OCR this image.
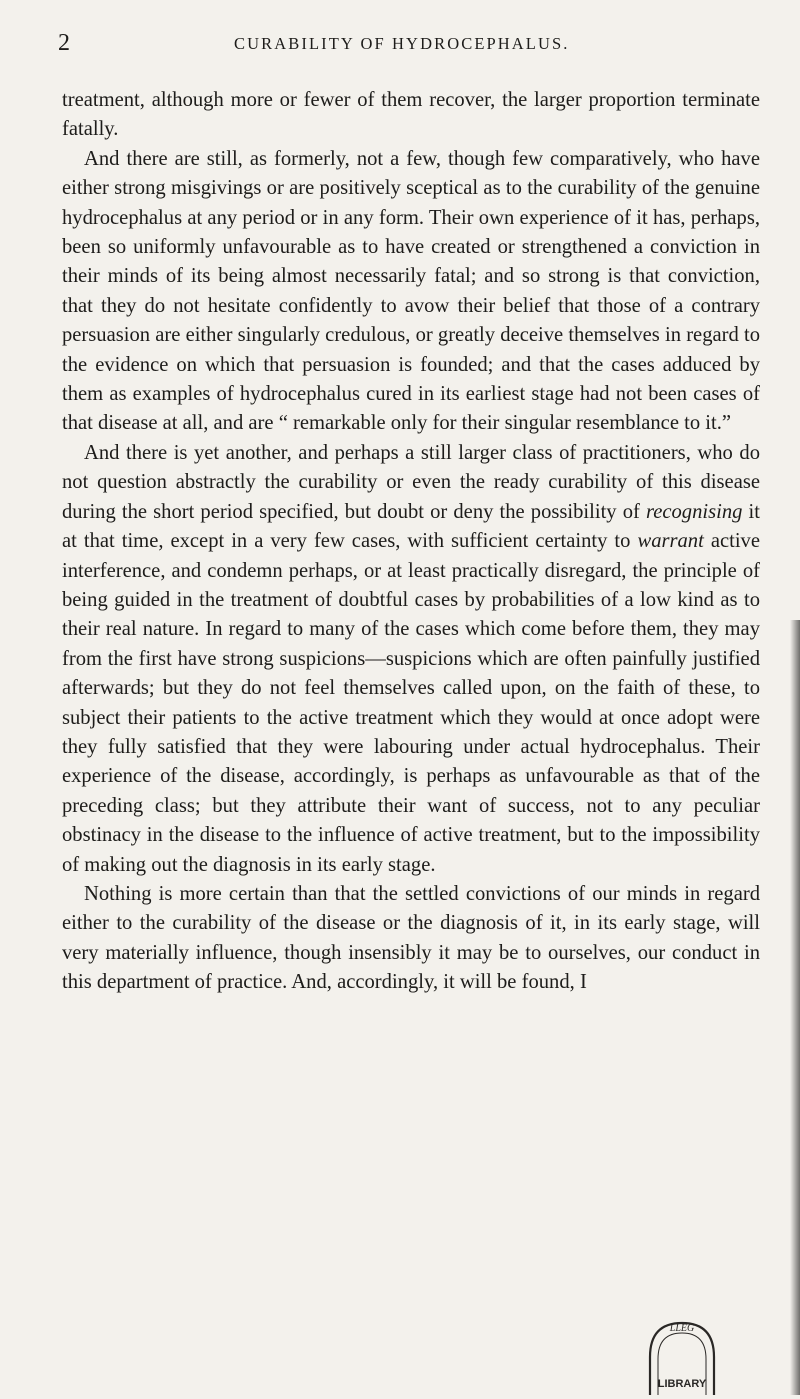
2	CURABILITY OF HYDROCEPHALUS.

treatment, although more or fewer of them recover, the larger proportion terminate fatally.

And there are still, as formerly, not a few, though few comparatively, who have either strong misgivings or are positively sceptical as to the curability of the genuine hydrocephalus at any period or in any form. Their own experience of it has, perhaps, been so uniformly unfavourable as to have created or strengthened a conviction in their minds of its being almost necessarily fatal; and so strong is that conviction, that they do not hesitate confidently to avow their belief that those of a contrary persuasion are either singularly credulous, or greatly deceive themselves in regard to the evidence on which that persuasion is founded; and that the cases adduced by them as examples of hydrocephalus cured in its earliest stage had not been cases of that disease at all, and are “ remarkable only for their singular resemblance to it.”

And there is yet another, and perhaps a still larger class of practitioners, who do not question abstractly the curability or even the ready curability of this disease during the short period specified, but doubt or deny the possibility of recognising it at that time, except in a very few cases, with sufficient certainty to warrant active interference, and condemn perhaps, or at least practically disregard, the principle of being guided in the treatment of doubtful cases by probabilities of a low kind as to their real nature. In regard to many of the cases which come before them, they may from the first have strong suspicions—suspicions which are often painfully justified afterwards; but they do not feel themselves called upon, on the faith of these, to subject their patients to the active treatment which they would at once adopt were they fully satisfied that they were labouring under actual hydrocephalus. Their experience of the disease, accordingly, is perhaps as unfavourable as that of the preceding class; but they attribute their want of success, not to any peculiar obstinacy in the disease to the influence of active treatment, but to the impossibility of making out the diagnosis in its early stage.

Nothing is more certain than that the settled convictions of our minds in regard either to the curability of the disease or the diagnosis of it, in its early stage, will very materially influence, though insensibly it may be to ourselves, our conduct in this department of practice. And, accordingly, it will be found, I

LLEG
LIBRARY
